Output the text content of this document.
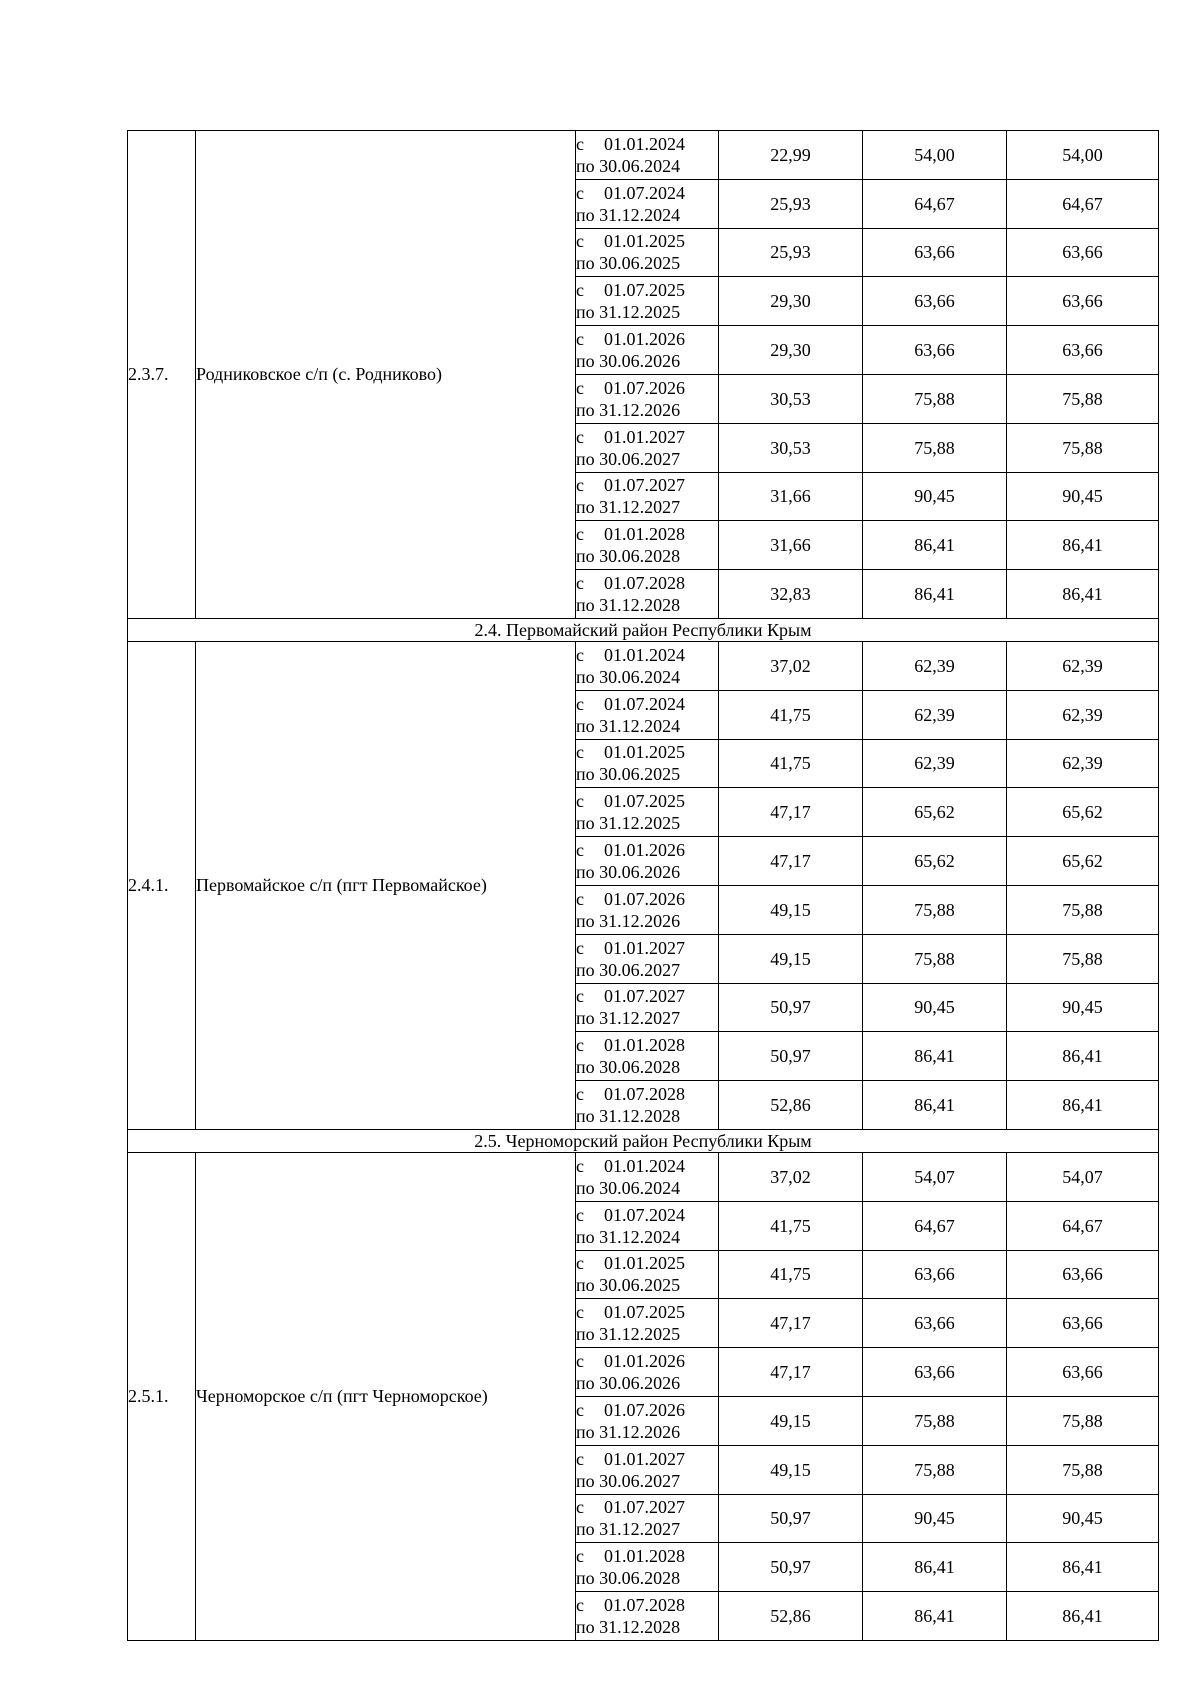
2.3.7.	Родниковское с/п (с. Родниково)	с 01.01.2024
по 30.06.2024	22,99	54,00	54,00

		с 01.07.2024
по 31.12.2024	25,93	64,67	64,67

		с 01.01.2025
по 30.06.2025	25,93	63,66	63,66

		с 01.07.2025
по 31.12.2025	29,30	63,66	63,66

		с 01.01.2026
по 30.06.2026	29,30	63,66	63,66

		с 01.07.2026
по 31.12.2026	30,53	75,88	75,88

		с 01.01.2027
по 30.06.2027	30,53	75,88	75,88

		с 01.07.2027
по 31.12.2027	31,66	90,45	90,45

		с 01.01.2028
по 30.06.2028	31,66	86,41	86,41

		с 01.07.2028
по 31.12.2028	32,83	86,41	86,41
2.4. Первомайский район Республики Крым					
2.4.1.	Первомайское с/п (пгт Первомайское)	с 01.01.2024
по 30.06.2024	37,02	62,39	62,39

		с 01.07.2024
по 31.12.2024	41,75	62,39	62,39

		с 01.01.2025
по 30.06.2025	41,75	62,39	62,39

		с 01.07.2025
по 31.12.2025	47,17	65,62	65,62

		с 01.01.2026
по 30.06.2026	47,17	65,62	65,62

		с 01.07.2026
по 31.12.2026	49,15	75,88	75,88

		с 01.01.2027
по 30.06.2027	49,15	75,88	75,88

		с 01.07.2027
по 31.12.2027	50,97	90,45	90,45

		с 01.01.2028
по 30.06.2028	50,97	86,41	86,41

		с 01.07.2028
по 31.12.2028	52,86	86,41	86,41
2.5. Черноморский район Республики Крым					
2.5.1.	Черноморское с/п (пгт Черноморское)	с 01.01.2024
по 30.06.2024	37,02	54,07	54,07

		с 01.07.2024
по 31.12.2024	41,75	64,67	64,67

		с 01.01.2025
по 30.06.2025	41,75	63,66	63,66

		с 01.07.2025
по 31.12.2025	47,17	63,66	63,66

		с 01.01.2026
по 30.06.2026	47,17	63,66	63,66

		с 01.07.2026
по 31.12.2026	49,15	75,88	75,88

		с 01.01.2027
по 30.06.2027	49,15	75,88	75,88

		с 01.07.2027
по 31.12.2027	50,97	90,45	90,45

		с 01.01.2028
по 30.06.2028	50,97	86,41	86,41

		с 01.07.2028
по 31.12.2028	52,86	86,41	86,41
